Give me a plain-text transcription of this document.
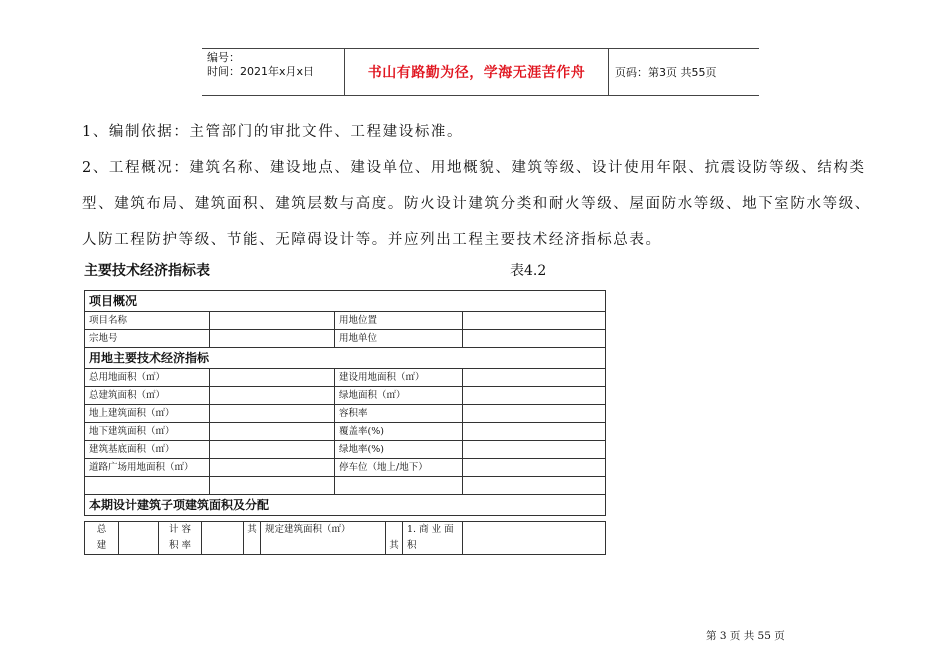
编号：
时间：2021年x月x日	书山有路勤为径，学海无涯苦作舟	页码：第3页 共55页

1、编制依据：主管部门的审批文件、工程建设标准。

2、工程概况：建筑名称、建设地点、建设单位、用地概貌、建筑等级、设计使用年限、抗震设防等级、结构类型、建筑布局、建筑面积、建筑层数与高度。防火设计建筑分类和耐火等级、屋面防水等级、地下室防水等级、人防工程防护等级、节能、无障碍设计等。并应列出工程主要技术经济指标总表。

主要技术经济指标表	表4.2
项目概况			
项目名称		用地位置	
宗地号		用地单位	
用地主要技术经济指标			
总用地面积（㎡）		建设用地面积（㎡）	
总建筑面积（㎡）		绿地面积（㎡）	
地上建筑面积（㎡）		容积率	
地下建筑面积（㎡）		覆盖率(%)	
建筑基底面积（㎡）		绿地率(%)	
道路广场用地面积（㎡）		停车位（地上/地下）	

本期设计建筑子项建筑面积及分配			
总 建		计 容 积 率		其	规定建筑面积（㎡）	其	1. 商 业 面 积	
第 3 页 共 55 页
